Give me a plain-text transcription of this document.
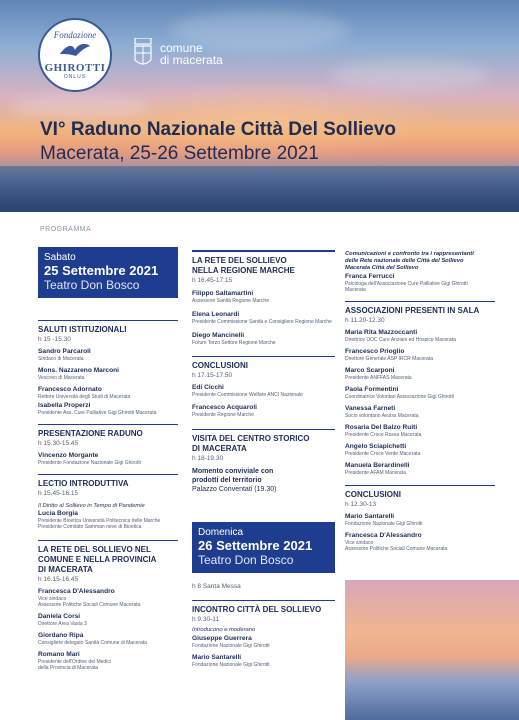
Fondazione
GHIROTTI
ONLUS
comune
di macerata
VI° Raduno Nazionale Città Del Sollievo
Macerata, 25-26 Settembre 2021
PROGRAMMA
Sabato
25 Settembre 2021
Teatro Don Bosco
SALUTI ISTITUZIONALI
h 15 -15.30
Sandro Parcaroli
Sindaco di Macerata
Mons. Nazzareno Marconi
Vescovo di Macerata
Francesco Adornato
Rettore Università degli Studi di Macerata
Isabella Properzi
Presidente Ass. Cure Palliative Gigi Ghirotti Macerata
PRESENTAZIONE RADUNO
h 15.30-15.45
Vincenzo Morgante
Presidente Fondazione Nazionale Gigi Ghirotti
LECTIO INTRODUTTIVA
h 15.45-16.15
Il Diritto al Sollievo in Tempo di Pandemie
Lucia Borgia
Presidente Bioetica Università Politecnica delle Marche
Presidente Comitato Samman neve di Bioetica
LA RETE DEL SOLLIEVO NEL
COMUNE E NELLA PROVINCIA
DI MACERATA
h 16.15-16.45
Francesca D'Alessandro
Vice sindaco
Assessore Politiche Sociali Comune Macerata
Daniela Corsi
Direttore Area Vasta 3
Giordano Ripa
Consigliere delegato Sanità Comune di Macerata
Romano Mari
Presidente dell'Ordine dei Medici
della Provincia di Macerata
LA RETE DEL SOLLIEVO
NELLA REGIONE MARCHE
h 16.45-17.15
Filippo Saltamartini
Assessore Sanità Regione Marche
Elena Leonardi
Presidente Commissione Sanità e Consigliere Regione Marche
Diego Mancinelli
Forum Terzo Settore Regione Marche
CONCLUSIONI
h 17.15-17.50
Edi Cicchi
Presidente Commissione Welfare ANCI Nazionale
Francesco Acquaroli
Presidente Regione Marche
VISITA DEL CENTRO STORICO
DI MACERATA
h 18-19.30
Momento conviviale con
prodotti del territorio
Palazzo Conventati (19.30)
Domenica
26 Settembre 2021
Teatro Don Bosco
h 8 Santa Messa
INCONTRO CITTÀ DEL SOLLIEVO
h 9.30-11
Introducono e moderano
Giuseppe Guerrera
Fondazione Nazionale Gigi Ghirotti
Mario Santarelli
Fondazione Nazionale Gigi Ghirotti
Comunicazioni e confronto tra i rappresentanti
delle Rete nazionale delle Città del Sollievo
Macerata Città del Sollievo
Franca Ferrucci
Psicologa dell'Associazione Cure Palliative Gigi Ghirotti
Macerata
ASSOCIAZIONI PRESENTI IN SALA
h 11.20-12.30
Maria Rita Mazzoccanti
Direttrice UOC Cure Anziani ed Hospice Macerata
Francesco Prioglio
Direttore Generale ASP IRCR Macerata
Marco Scarponi
Presidente ANFFAS Macerata
Paola Formentini
Coordinatrice Volontari Associazione Gigi Ghirotti
Vanessa Farneti
Socio volontario Avulss Macerata
Rosaria Del Balzo Ruiti
Presidente Croce Rossa Macerata
Angelo Sciapichetti
Presidente Croce Verde Macerata
Manuela Berardinelli
Presidente AFAM Macerata
CONCLUSIONI
h 12.30-13
Mario Santarelli
Fondazione Nazionale Gigi Ghirotti
Francesca D'Alessandro
Vice sindaco
Assessore Politiche Sociali Comune Macerata
